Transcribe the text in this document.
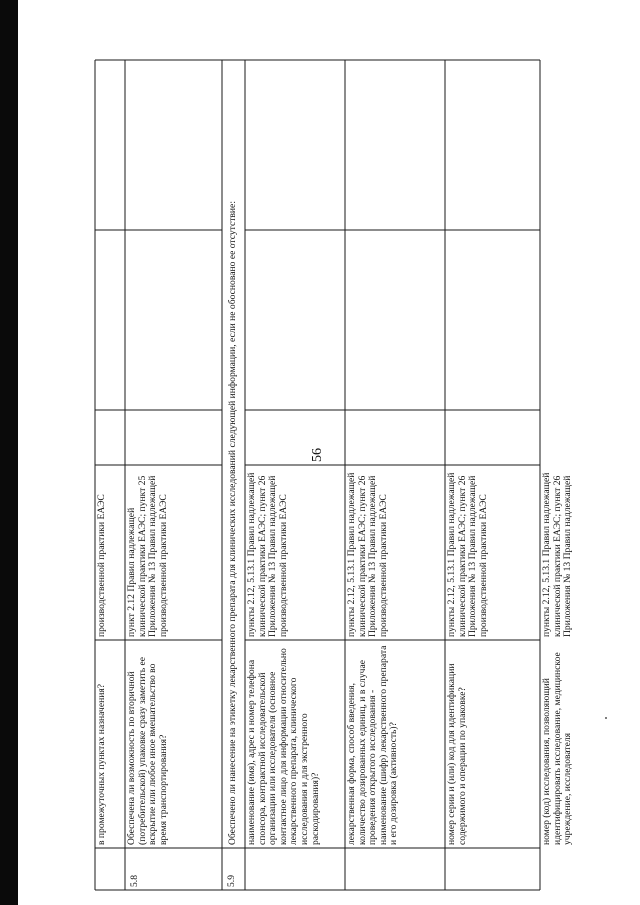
56
в промежуточных пунктах назначения?
производственной практики ЕАЭС
5.8
Обеспечена ли возможность по вторичной (потребительской) упаковке сразу заметить ее вскрытие или любое иное вмешательство во время транспортирования?
пункт 2.12 Правил надлежащей клинической практики ЕАЭС; пункт 25 Приложения № 13 Правил надлежащей производственной практики ЕАЭС
5.9
Обеспечено ли нанесение на этикетку лекарственного препарата для клинических исследований следующей информации, если не обосновано ее отсутствие: наименование (имя), адрес и номер телефона спонсора, контрактной исследовательской организации или исследователя (основное контактное лицо для информации относительно лекарственного препарата, клинического исследования и для экстренного раскодирования)?
пункты 2.12, 5.13.1 Правил надлежащей клинической практики ЕАЭС; пункт 26 Приложения № 13 Правил надлежащей производственной практики ЕАЭС
лекарственная форма, способ введения, количество дозированных единиц, и в случае проведения открытого исследования - наименование (шифр) лекарственного препарата и его дозировка (активность)?
пункты 2.12, 5.13.1 Правил надлежащей клинической практики ЕАЭС; пункт 26 Приложения № 13 Правил надлежащей производственной практики ЕАЭС
номер серии и (или) код для идентификации содержимого и операции по упаковке?
пункты 2.12, 5.13.1 Правил надлежащей клинической практики ЕАЭС; пункт 26 Приложения № 13 Правил надлежащей производственной практики ЕАЭС
номер (код) исследования, позволяющий идентифицировать исследование, медицинское учреждение, исследователя
пункты 2.12, 5.13.1 Правил надлежащей клинической практики ЕАЭС; пункт 26 Приложения № 13 Правил надлежащей
